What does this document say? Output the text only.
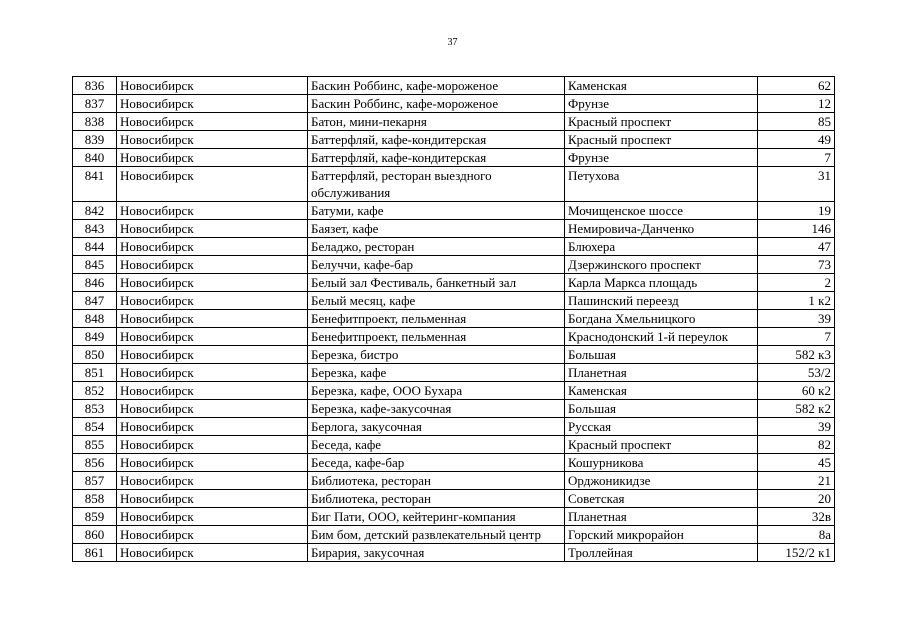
37
836	Новосибирск	Баскин Роббинс, кафе-мороженое	Каменская	62
837	Новосибирск	Баскин Роббинс, кафе-мороженое	Фрунзе	12
838	Новосибирск	Батон, мини-пекарня	Красный проспект	85
839	Новосибирск	Баттерфляй, кафе-кондитерская	Красный проспект	49
840	Новосибирск	Баттерфляй, кафе-кондитерская	Фрунзе	7
841	Новосибирск	Баттерфляй, ресторан выездного обслуживания	Петухова	31
842	Новосибирск	Батуми, кафе	Мочищенское шоссе	19
843	Новосибирск	Баязет, кафе	Немировича-Данченко	146
844	Новосибирск	Беладжо, ресторан	Блюхера	47
845	Новосибирск	Белуччи, кафе-бар	Дзержинского проспект	73
846	Новосибирск	Белый зал Фестиваль, банкетный зал	Карла Маркса площадь	2
847	Новосибирск	Белый месяц, кафе	Пашинский переезд	1 к2
848	Новосибирск	Бенефитпроект, пельменная	Богдана Хмельницкого	39
849	Новосибирск	Бенефитпроект, пельменная	Краснодонский 1-й переулок	7
850	Новосибирск	Березка, бистро	Большая	582 к3
851	Новосибирск	Березка, кафе	Планетная	53/2
852	Новосибирск	Березка, кафе, ООО Бухара	Каменская	60 к2
853	Новосибирск	Березка, кафе-закусочная	Большая	582 к2
854	Новосибирск	Берлога, закусочная	Русская	39
855	Новосибирск	Беседа, кафе	Красный проспект	82
856	Новосибирск	Беседа, кафе-бар	Кошурникова	45
857	Новосибирск	Библиотека, ресторан	Орджоникидзе	21
858	Новосибирск	Библиотека, ресторан	Советская	20
859	Новосибирск	Биг Пати, ООО, кейтеринг-компания	Планетная	32в
860	Новосибирск	Бим бом, детский развлекательный центр	Горский микрорайон	8а
861	Новосибирск	Бирария, закусочная	Троллейная	152/2 к1
